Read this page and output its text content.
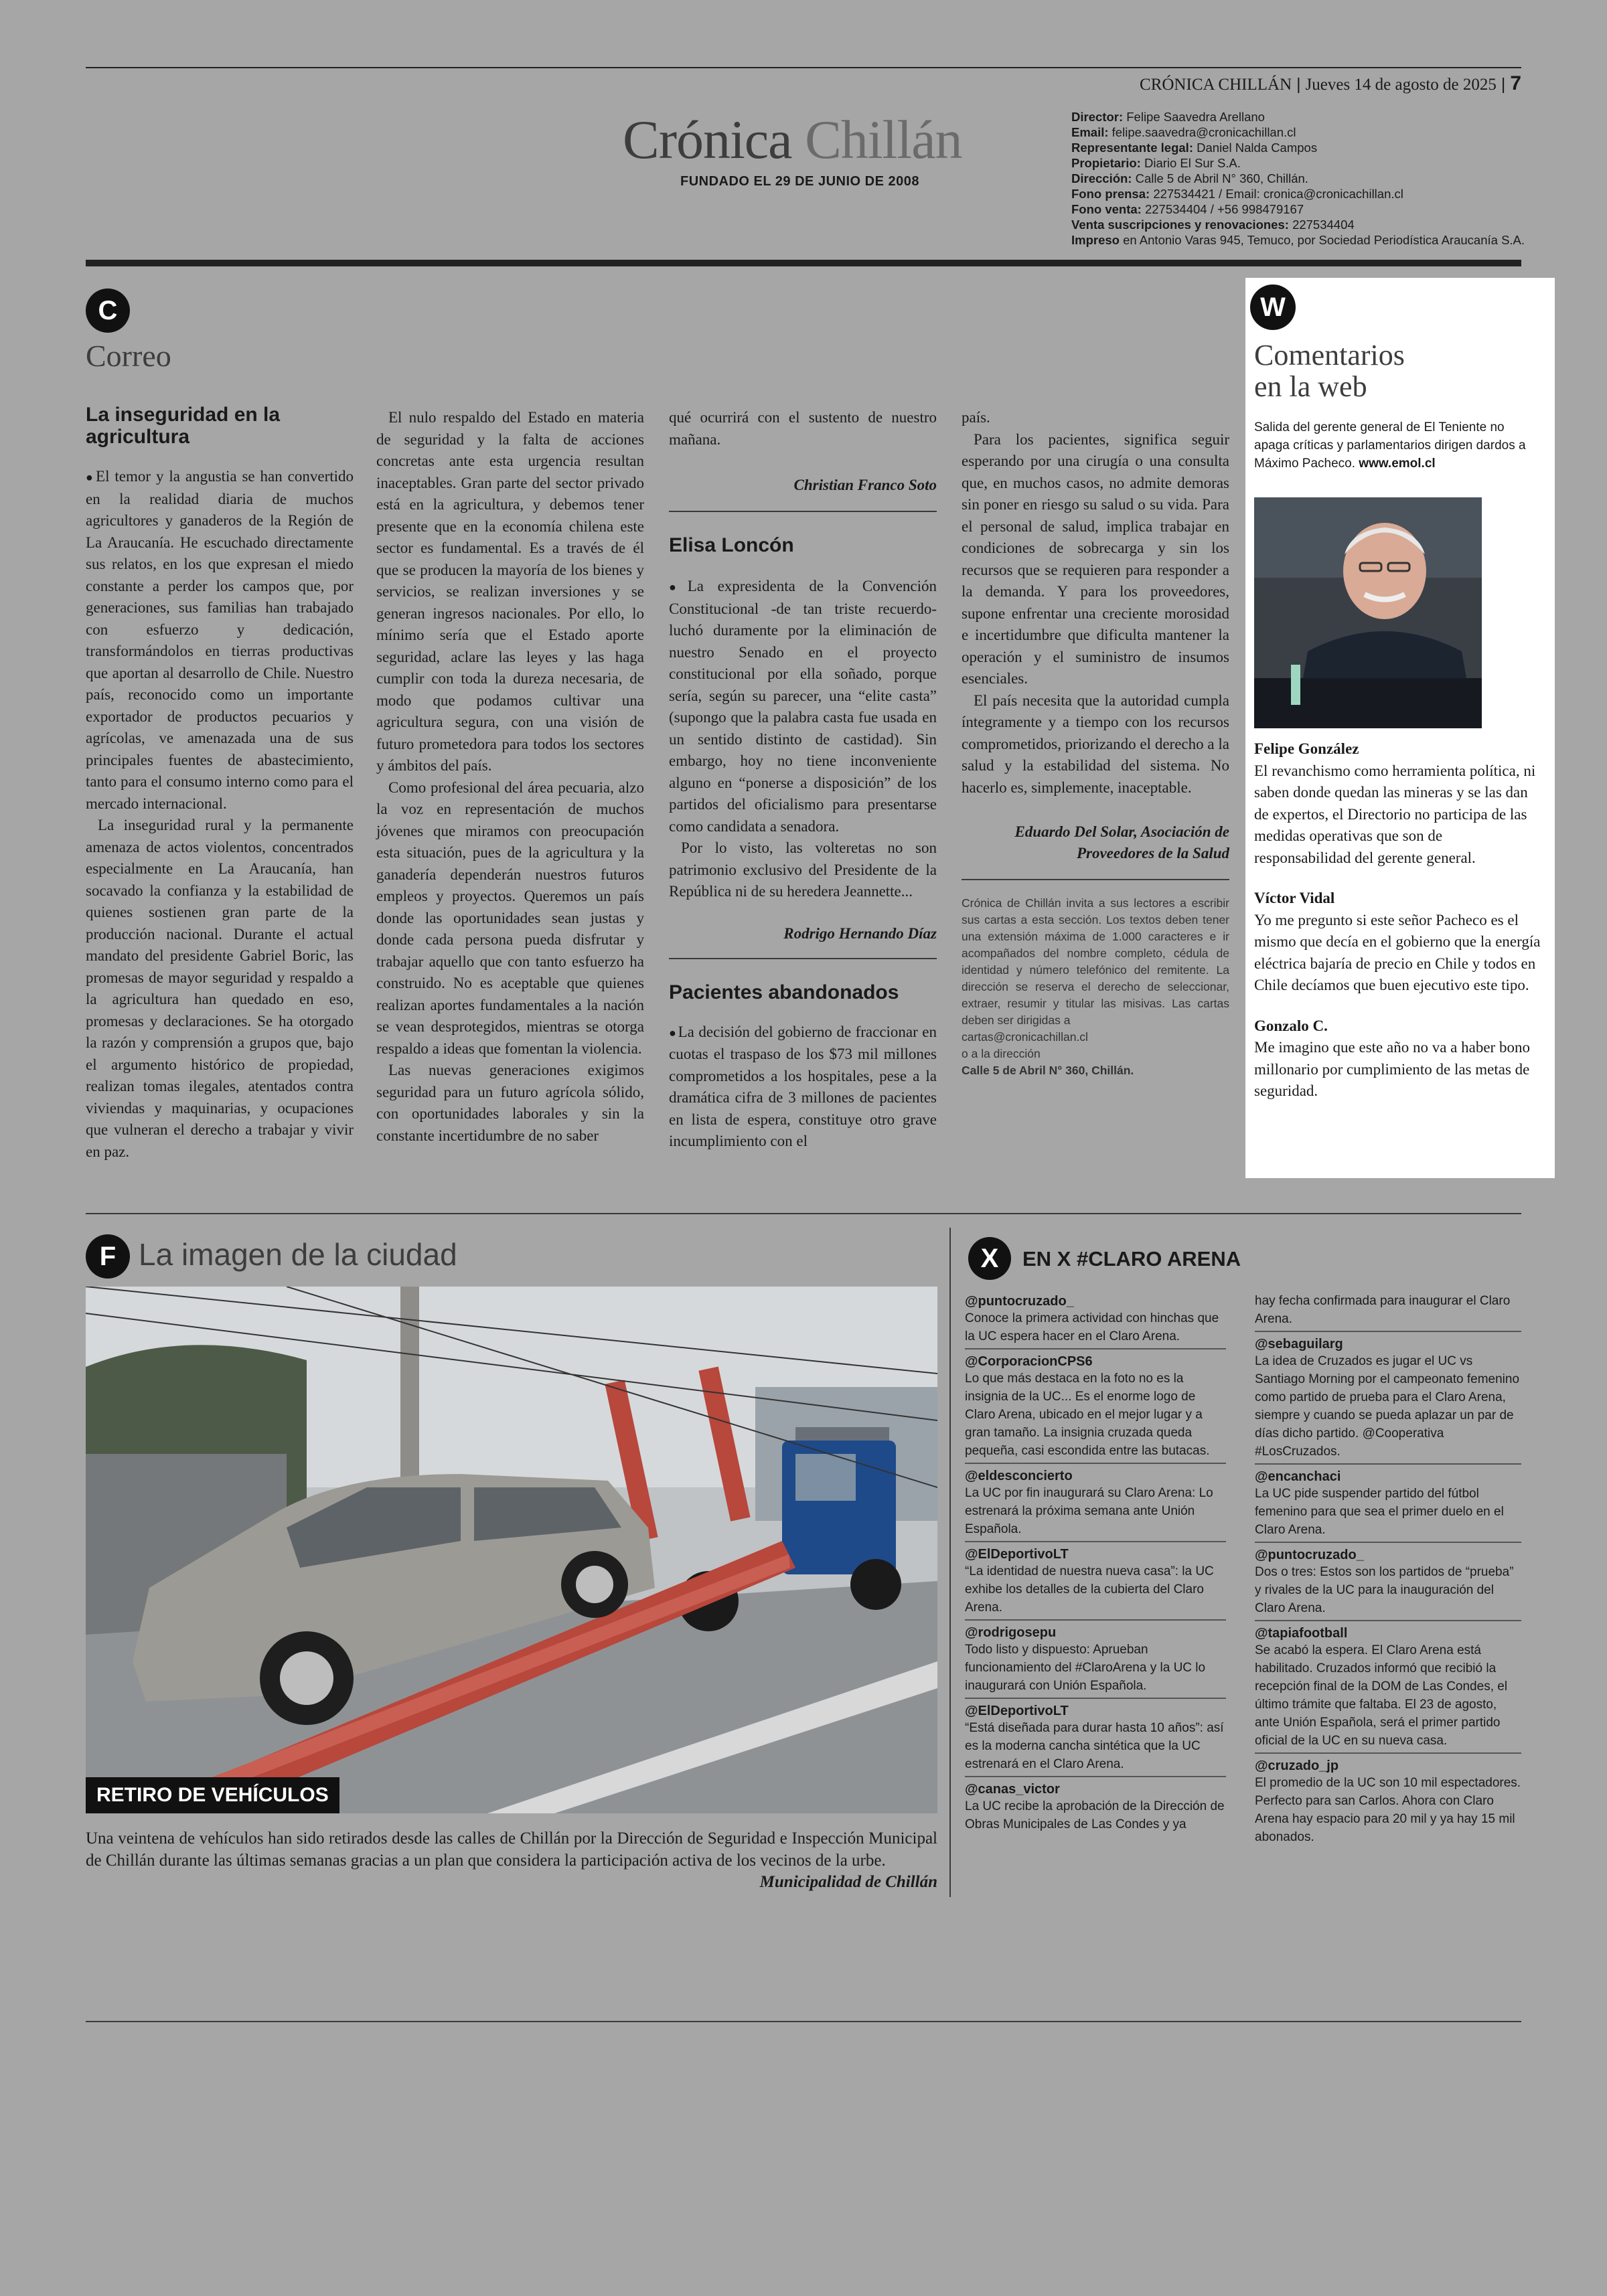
CRÓNICA CHILLÁN | Jueves 14 de agosto de 2025 | 7
Crónica Chillán
FUNDADO EL 29 DE JUNIO DE 2008
Director: Felipe Saavedra Arellano
Email: felipe.saavedra@cronicachillan.cl
Representante legal: Daniel Nalda Campos
Propietario: Diario El Sur S.A.
Dirección: Calle 5 de Abril N° 360, Chillán.
Fono prensa: 227534421 / Email: cronica@cronicachillan.cl
Fono venta: 227534404 / +56 998479167
Venta suscripciones y renovaciones: 227534404
Impreso en Antonio Varas 945, Temuco, por Sociedad Periodística Araucanía S.A.
C
Correo
La inseguridad en la agricultura

● El temor y la angustia se han convertido en la realidad diaria de muchos agricultores y ganaderos de la Región de La Araucanía. He escuchado directamente sus relatos, en los que expresan el miedo constante a perder los campos que, por generaciones, sus familias han trabajado con esfuerzo y dedicación, transformándolos en tierras productivas que aportan al desarrollo de Chile. Nuestro país, reconocido como un importante exportador de productos pecuarios y agrícolas, ve amenazada una de sus principales fuentes de abastecimiento, tanto para el consumo interno como para el mercado internacional.

La inseguridad rural y la permanente amenaza de actos violentos, concentrados especialmente en La Araucanía, han socavado la confianza y la estabilidad de quienes sostienen gran parte de la producción nacional. Durante el actual mandato del presidente Gabriel Boric, las promesas de mayor seguridad y respaldo a la agricultura han quedado en eso, promesas y declaraciones. Se ha otorgado la razón y comprensión a grupos que, bajo el argumento histórico de propiedad, realizan tomas ilegales, atentados contra viviendas y maquinarias, y ocupaciones que vulneran el derecho a trabajar y vivir en paz.

El nulo respaldo del Estado en materia de seguridad y la falta de acciones concretas ante esta urgencia resultan inaceptables. Gran parte del sector privado está en la agricultura, y debemos tener presente que en la economía chilena este sector es fundamental. Es a través de él que se producen la mayoría de los bienes y servicios, se realizan inversiones y se generan ingresos nacionales. Por ello, lo mínimo sería que el Estado aporte seguridad, aclare las leyes y las haga cumplir con toda la dureza necesaria, de modo que podamos cultivar una agricultura segura, con una visión de futuro prometedora para todos los sectores y ámbitos del país.

Como profesional del área pecuaria, alzo la voz en representación de muchos jóvenes que miramos con preocupación esta situación, pues de la agricultura y la ganadería dependerán nuestros futuros empleos y proyectos. Queremos un país donde las oportunidades sean justas y donde cada persona pueda disfrutar y trabajar aquello que con tanto esfuerzo ha construido. No es aceptable que quienes realizan aportes fundamentales a la nación se vean desprotegidos, mientras se otorga respaldo a ideas que fomentan la violencia.

Las nuevas generaciones exigimos seguridad para un futuro agrícola sólido, con oportunidades laborales y sin la constante incertidumbre de no saber

qué ocurrirá con el sustento de nuestro mañana.

Christian Franco Soto
Elisa Loncón

● La expresidenta de la Convención Constitucional -de tan triste recuerdo- luchó duramente por la eliminación de nuestro Senado en el proyecto constitucional por ella soñado, porque sería, según su parecer, una “elite casta” (supongo que la palabra casta fue usada en un sentido distinto de castidad). Sin embargo, hoy no tiene inconveniente alguno en “ponerse a disposición” de los partidos del oficialismo para presentarse como candidata a senadora.

Por lo visto, las volteretas no son patrimonio exclusivo del Presidente de la República ni de su heredera Jeannette...

Rodrigo Hernando Díaz
Pacientes abandonados

● La decisión del gobierno de fraccionar en cuotas el traspaso de los $73 mil millones comprometidos a los hospitales, pese a la dramática cifra de 3 millones de pacientes en lista de espera, constituye otro grave incumplimiento con el

país.

Para los pacientes, significa seguir esperando por una cirugía o una consulta que, en muchos casos, no admite demoras sin poner en riesgo su salud o su vida. Para el personal de salud, implica trabajar en condiciones de sobrecarga y sin los recursos que se requieren para responder a la demanda. Y para los proveedores, supone enfrentar una creciente morosidad e incertidumbre que dificulta mantener la operación y el suministro de insumos esenciales.

El país necesita que la autoridad cumpla íntegramente y a tiempo con los recursos comprometidos, priorizando el derecho a la salud y la estabilidad del sistema. No hacerlo es, simplemente, inaceptable.

Eduardo Del Solar, Asociación de
Proveedores de la Salud
Crónica de Chillán invita a sus lectores a escribir sus cartas a esta sección. Los textos deben tener una extensión máxima de 1.000 caracteres e ir acompañados del nombre completo, cédula de identidad y número telefónico del remitente. La dirección se reserva el derecho de seleccionar, extraer, resumir y titular las misivas. Las cartas deben ser dirigidas a
cartas@cronicachillan.cl
o a la dirección
Calle 5 de Abril N° 360, Chillán.
W
Comentarios
en la web
Salida del gerente general de El Teniente no apaga críticas y parlamentarios dirigen dardos a Máximo Pacheco. www.emol.cl
Felipe González
El revanchismo como herramienta política, ni saben donde quedan las mineras y se las dan de expertos, el Directorio no participa de las medidas operativas que son de responsabilidad del gerente general.
Víctor Vidal
Yo me pregunto si este señor Pacheco es el mismo que decía en el gobierno que la energía eléctrica bajaría de precio en Chile y todos en Chile decíamos que buen ejecutivo este tipo.
Gonzalo C.
Me imagino que este año no va a haber bono millonario por cumplimiento de las metas de seguridad.
F La imagen de la ciudad
RETIRO DE VEHÍCULOS
Una veintena de vehículos han sido retirados desde las calles de Chillán por la Dirección de Seguridad e Inspección Municipal de Chillán durante las últimas semanas gracias a un plan que considera la participación activa de los vecinos de la urbe.
Municipalidad de Chillán
X	EN X #CLARO ARENA
@puntocruzado_
Conoce la primera actividad con hinchas que la UC espera hacer en el Claro Arena.
@CorporacionCPS6
Lo que más destaca en la foto no es la insignia de la UC... Es el enorme logo de Claro Arena, ubicado en el mejor lugar y a gran tamaño. La insignia cruzada queda pequeña, casi escondida entre las butacas.
@eldesconcierto
La UC por fin inaugurará su Claro Arena: Lo estrenará la próxima semana ante Unión Española.
@ElDeportivoLT
“La identidad de nuestra nueva casa”: la UC exhibe los detalles de la cubierta del Claro Arena.
@rodrigosepu
Todo listo y dispuesto: Aprueban funcionamiento del #ClaroArena y la UC lo inaugurará con Unión Española.
@ElDeportivoLT
“Está diseñada para durar hasta 10 años”: así es la moderna cancha sintética que la UC estrenará en el Claro Arena.
@canas_victor
La UC recibe la aprobación de la Dirección de Obras Municipales de Las Condes y ya
hay fecha confirmada para inaugurar el Claro Arena.
@sebaguilarg
La idea de Cruzados es jugar el UC vs Santiago Morning por el campeonato femenino como partido de prueba para el Claro Arena, siempre y cuando se pueda aplazar un par de días dicho partido. @Cooperativa #LosCruzados.
@encanchaci
La UC pide suspender partido del fútbol femenino para que sea el primer duelo en el Claro Arena.
@puntocruzado_
Dos o tres: Estos son los partidos de “prueba” y rivales de la UC para la inauguración del Claro Arena.
@tapiafootball
Se acabó la espera. El Claro Arena está habilitado. Cruzados informó que recibió la recepción final de la DOM de Las Condes, el último trámite que faltaba. El 23 de agosto, ante Unión Española, será el primer partido oficial de la UC en su nueva casa.
@cruzado_jp
El promedio de la UC son 10 mil espectadores. Perfecto para san Carlos. Ahora con Claro Arena hay espacio para 20 mil y ya hay 15 mil abonados.
